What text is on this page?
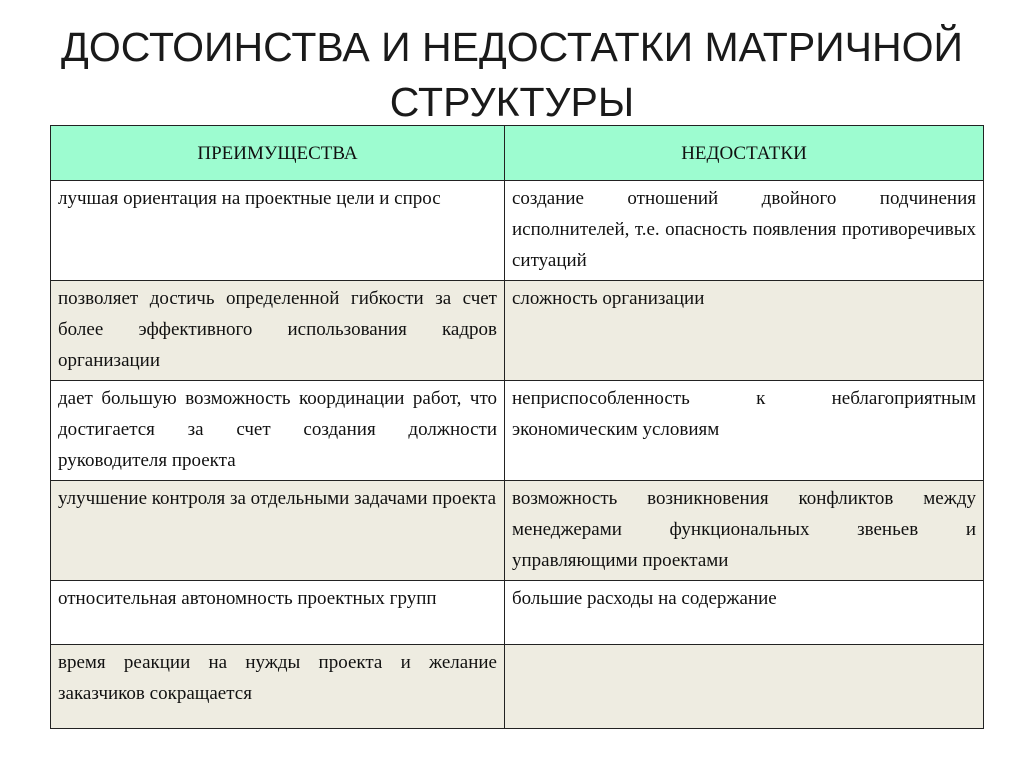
ДОСТОИНСТВА И НЕДОСТАТКИ МАТРИЧНОЙ
СТРУКТУРЫ
ПРЕИМУЩЕСТВА	НЕДОСТАТКИ
лучшая ориентация на проектные цели и спрос	создание отношений двойного подчинения исполнителей, т.е. опасность появления противоречивых ситуаций
позволяет достичь определенной гибкости за счет более эффективного использования кадров организации	сложность организации
дает большую возможность координации работ, что достигается за счет создания должности руководителя проекта	неприспособленность к неблагоприятным экономическим условиям
улучшение контроля за отдельными задачами проекта	возможность возникновения конфликтов между менеджерами функциональных звеньев и управляющими проектами
относительная автономность проектных групп	большие расходы на содержание
время реакции на нужды проекта и желание заказчиков сокращается	
